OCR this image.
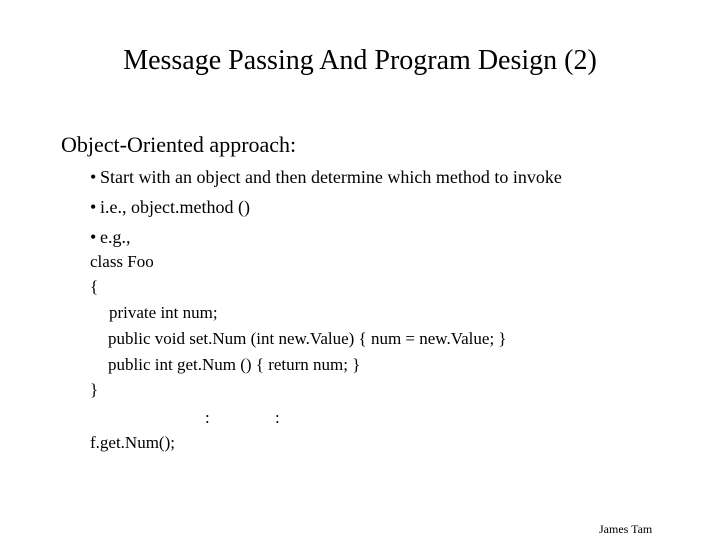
Message Passing And Program Design (2)
Object-Oriented approach:
• Start with an object and then determine which method to invoke
• i.e., object.method ()
• e.g.,
class Foo
{
private int num;
public void set.Num (int new.Value) { num = new.Value; }
public int get.Num () { return num; }
}
:	:
f.get.Num();
James Tam
